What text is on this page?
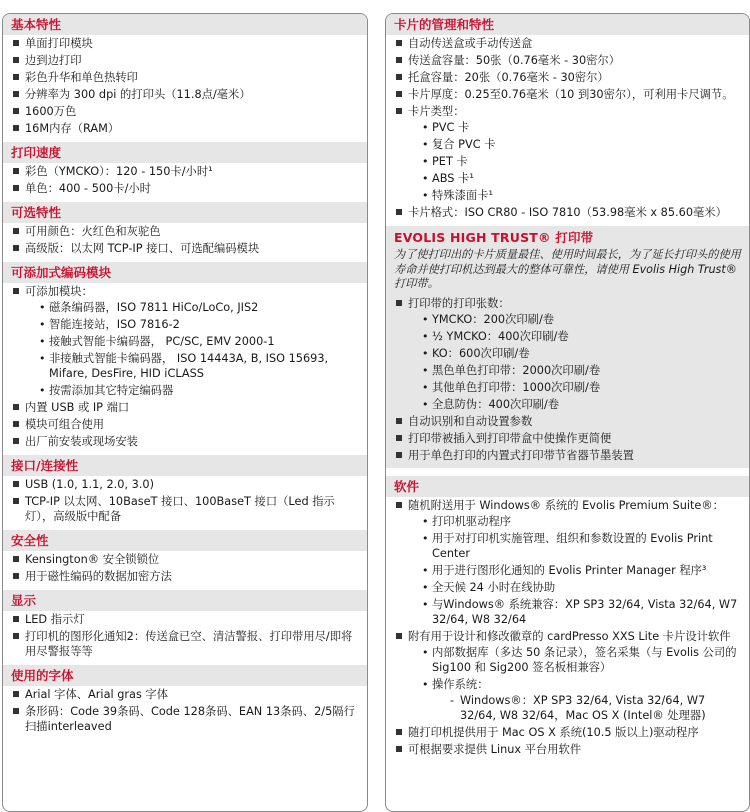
基本特性
单面打印模块
边到边打印
彩色升华和单色热转印
分辨率为 300 dpi 的打印头（11.8点/毫米）
1600万色
16M内存（RAM）
打印速度
彩色（YMCKO）：120 - 150卡/小时¹
单色：400 - 500卡/小时
可选特性
可用颜色：火红色和灰驼色
高级版：以太网 TCP-IP 接口、可选配编码模块
可添加式编码模块
可添加模块：
• 磁条编码器，ISO 7811 HiCo/LoCo, JIS2
• 智能连接站，ISO 7816-2
• 接触式智能卡编码器， PC/SC, EMV 2000-1
• 非接触式智能卡编码器， ISO 14443A, B, ISO 15693, Mifare, DesFire, HID iCLASS
• 按需添加其它特定编码器
内置 USB 或 IP 端口
模块可组合使用
出厂前安装或现场安装
接口/连接性
USB (1.0, 1.1, 2.0, 3.0)
TCP-IP 以太网、10BaseT 接口、100BaseT 接口（Led 指示灯），高级版中配备
安全性
Kensington® 安全锁锁位
用于磁性编码的数据加密方法
显示
LED 指示灯
打印机的图形化通知2：传送盒已空、清洁警报、打印带用尽/即将用尽警报等等
使用的字体
Arial 字体、Arial gras 字体
条形码：Code 39条码、Code 128条码、EAN 13条码、2/5隔行扫描interleaved
卡片的管理和特性
自动传送盒或手动传送盒
传送盒容量：50张（0.76毫米 - 30密尔）
托盒容量：20张（0.76毫米 - 30密尔）
卡片厚度：0.25至0.76毫米（10 到30密尔），可利用卡尺调节。
卡片类型：
• PVC 卡
• 复合 PVC 卡
• PET 卡
• ABS 卡¹
• 特殊漆面卡¹
卡片格式：ISO CR80 - ISO 7810（53.98毫米 x 85.60毫米）
EVOLIS HIGH TRUST® 打印带
为了使打印出的卡片质量最佳、使用时间最长，为了延长打印头的使用寿命并使打印机达到最大的整体可靠性，请使用 Evolis High Trust® 打印带。
打印带的打印张数：
• YMCKO：200次印刷/卷
• ½ YMCKO：400次印刷/卷
• KO：600次印刷/卷
• 黑色单色打印带：2000次印刷/卷
• 其他单色打印带：1000次印刷/卷
• 全息防伪：400次印刷/卷
自动识别和自动设置参数
打印带被插入到打印带盒中使操作更简便
用于单色打印的内置式打印带节省器节墨装置
软件
随机附送用于 Windows® 系统的 Evolis Premium Suite®：
• 打印机驱动程序
• 用于对打印机实施管理、组织和参数设置的 Evolis Print Center
• 用于进行图形化通知的 Evolis Printer Manager 程序³
• 全天候 24 小时在线协助
• 与Windows® 系统兼容：XP SP3 32/64, Vista 32/64, W7 32/64, W8 32/64
附有用于设计和修改徽章的 cardPresso XXS Lite 卡片设计软件
• 内部数据库（多达 50 条记录），签名采集（与 Evolis 公司的 Sig100 和 Sig200 签名板相兼容）
• 操作系统：
- Windows®：XP SP3 32/64, Vista 32/64, W7 32/64, W8 32/64，Mac OS X (Intel® 处理器)
随打印机提供用于 Mac OS X 系统(10.5 版以上)驱动程序
可根据要求提供 Linux 平台用软件
